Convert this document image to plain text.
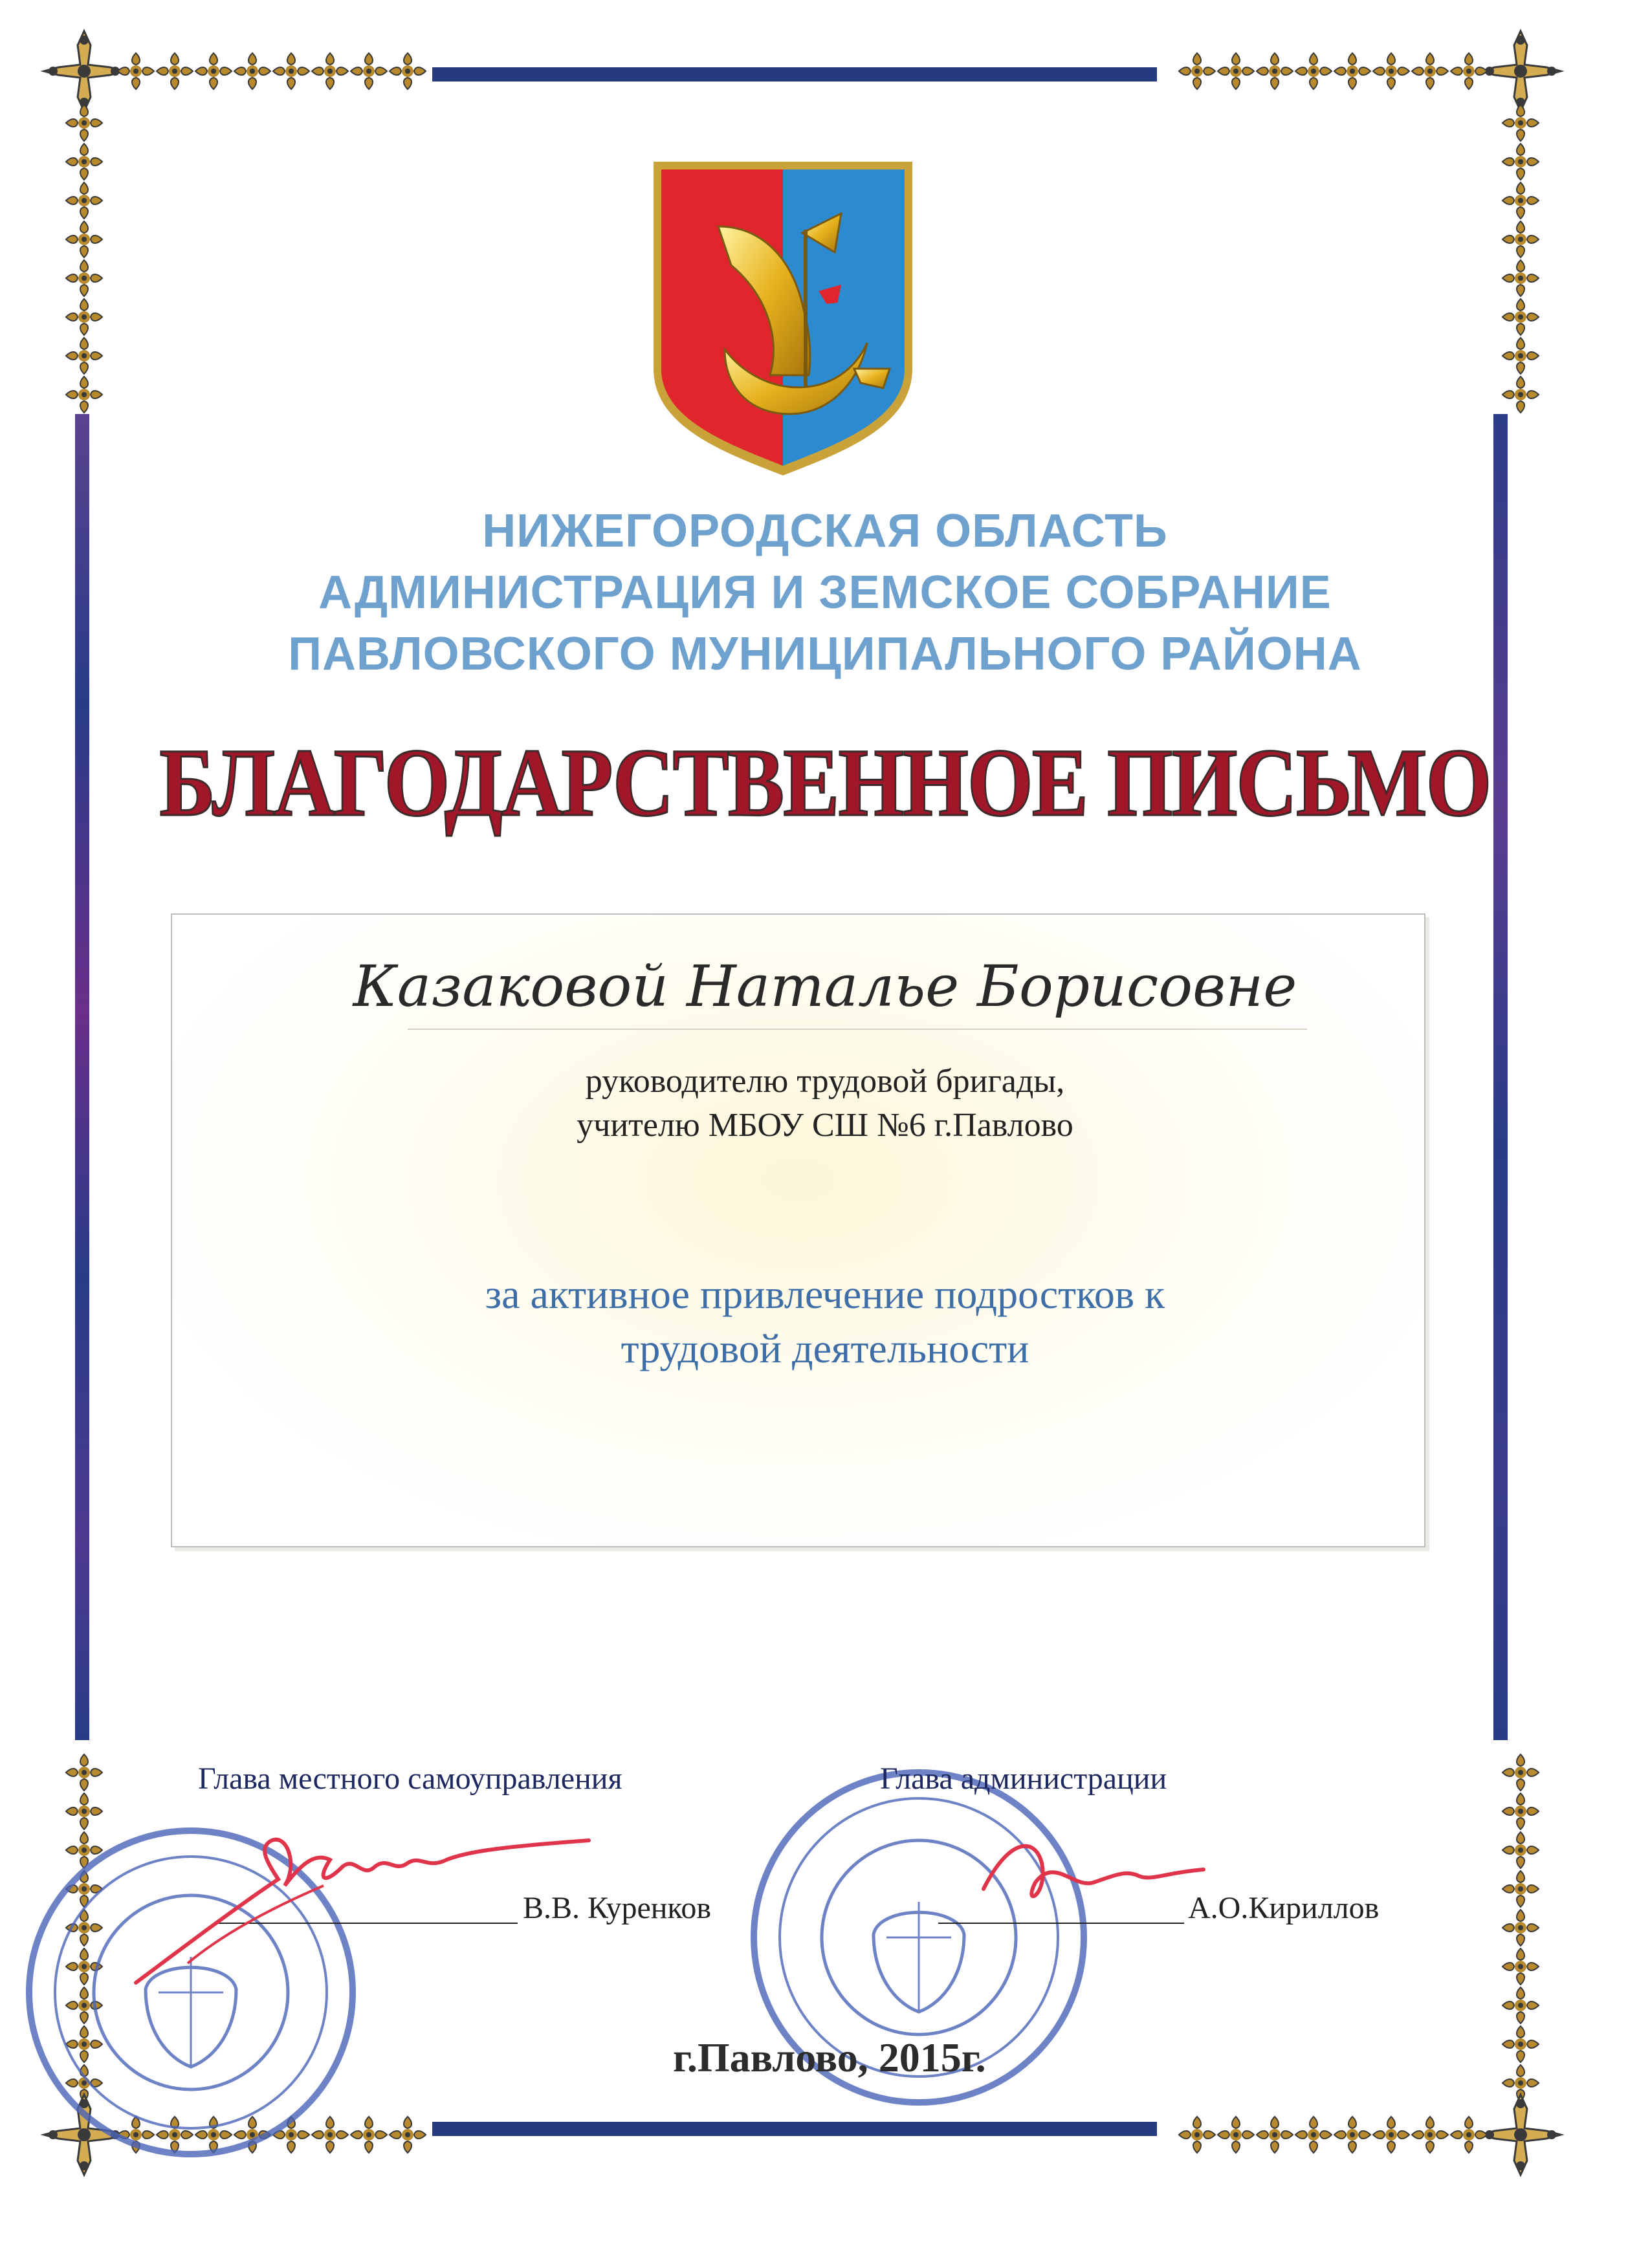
НИЖЕГОРОДСКАЯ ОБЛАСТЬ
АДМИНИСТРАЦИЯ И ЗЕМСКОЕ СОБРАНИЕ
ПАВЛОВСКОГО МУНИЦИПАЛЬНОГО РАЙОНА
БЛАГОДАРСТВЕННОЕ ПИСЬМО
Казаковой Наталье Борисовне
руководителю трудовой бригады,
учителю МБОУ СШ №6 г.Павлово
за активное привлечение подростков к
трудовой деятельности
Глава местного самоуправления	Глава администрации
В.В. Куренков	А.О.Кириллов
г.Павлово, 2015г.
